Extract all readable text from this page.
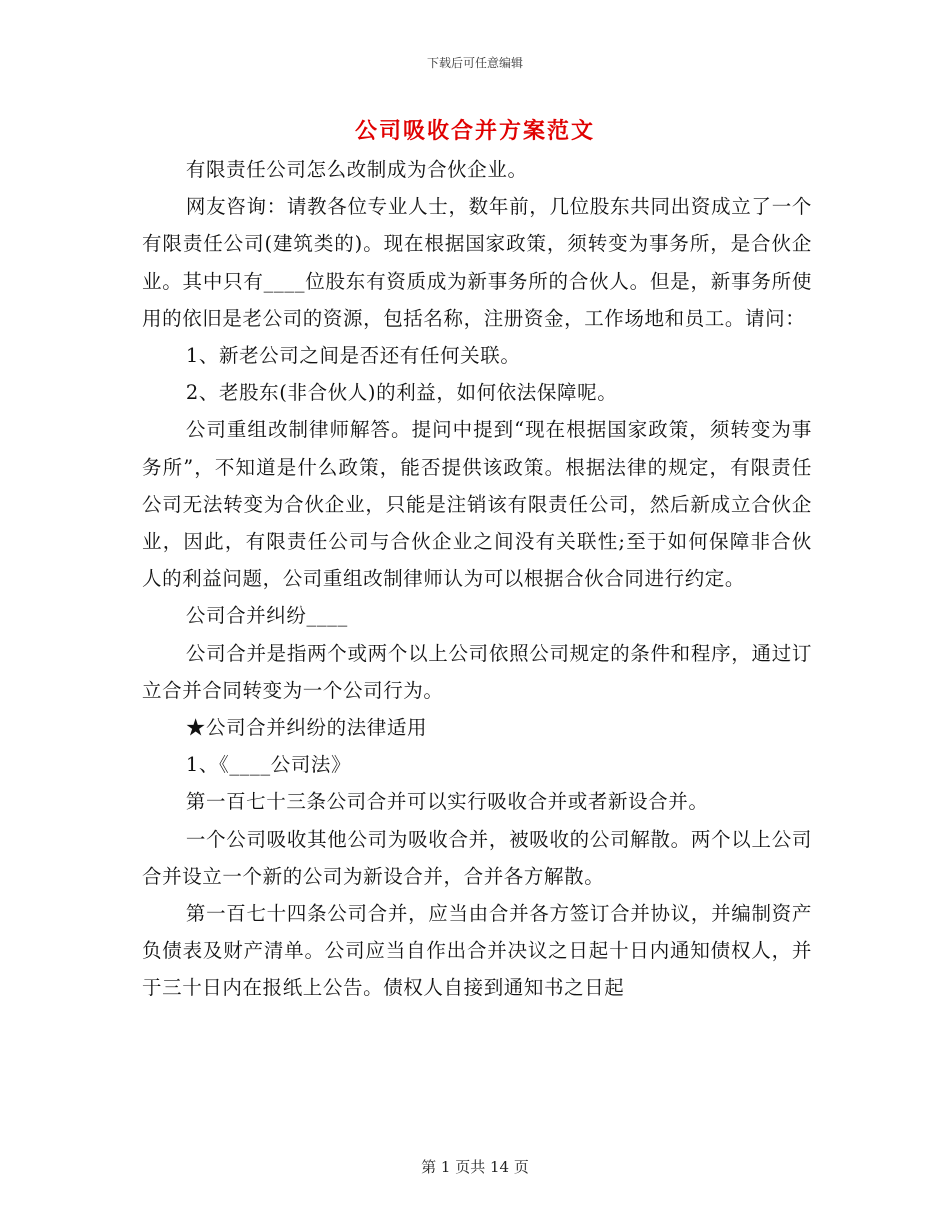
下载后可任意编辑
公司吸收合并方案范文

有限责任公司怎么改制成为合伙企业。

网友咨询：请教各位专业人士，数年前，几位股东共同出资成立了一个有限责任公司(建筑类的)。现在根据国家政策，须转变为事务所，是合伙企业。其中只有____位股东有资质成为新事务所的合伙人。但是，新事务所使用的依旧是老公司的资源，包括名称，注册资金，工作场地和员工。请问：

1、新老公司之间是否还有任何关联。

2、老股东(非合伙人)的利益，如何依法保障呢。

公司重组改制律师解答。提问中提到“现在根据国家政策，须转变为事务所”，不知道是什么政策，能否提供该政策。根据法律的规定，有限责任公司无法转变为合伙企业，只能是注销该有限责任公司，然后新成立合伙企业，因此，有限责任公司与合伙企业之间没有关联性;至于如何保障非合伙人的利益问题，公司重组改制律师认为可以根据合伙合同进行约定。

公司合并纠纷____

公司合并是指两个或两个以上公司依照公司规定的条件和程序，通过订立合并合同转变为一个公司行为。

★公司合并纠纷的法律适用

1、《____公司法》

第一百七十三条公司合并可以实行吸收合并或者新设合并。

一个公司吸收其他公司为吸收合并，被吸收的公司解散。两个以上公司合并设立一个新的公司为新设合并，合并各方解散。

第一百七十四条公司合并，应当由合并各方签订合并协议，并编制资产负债表及财产清单。公司应当自作出合并决议之日起十日内通知债权人，并于三十日内在报纸上公告。债权人自接到通知书之日起

第 1 页共 14 页
